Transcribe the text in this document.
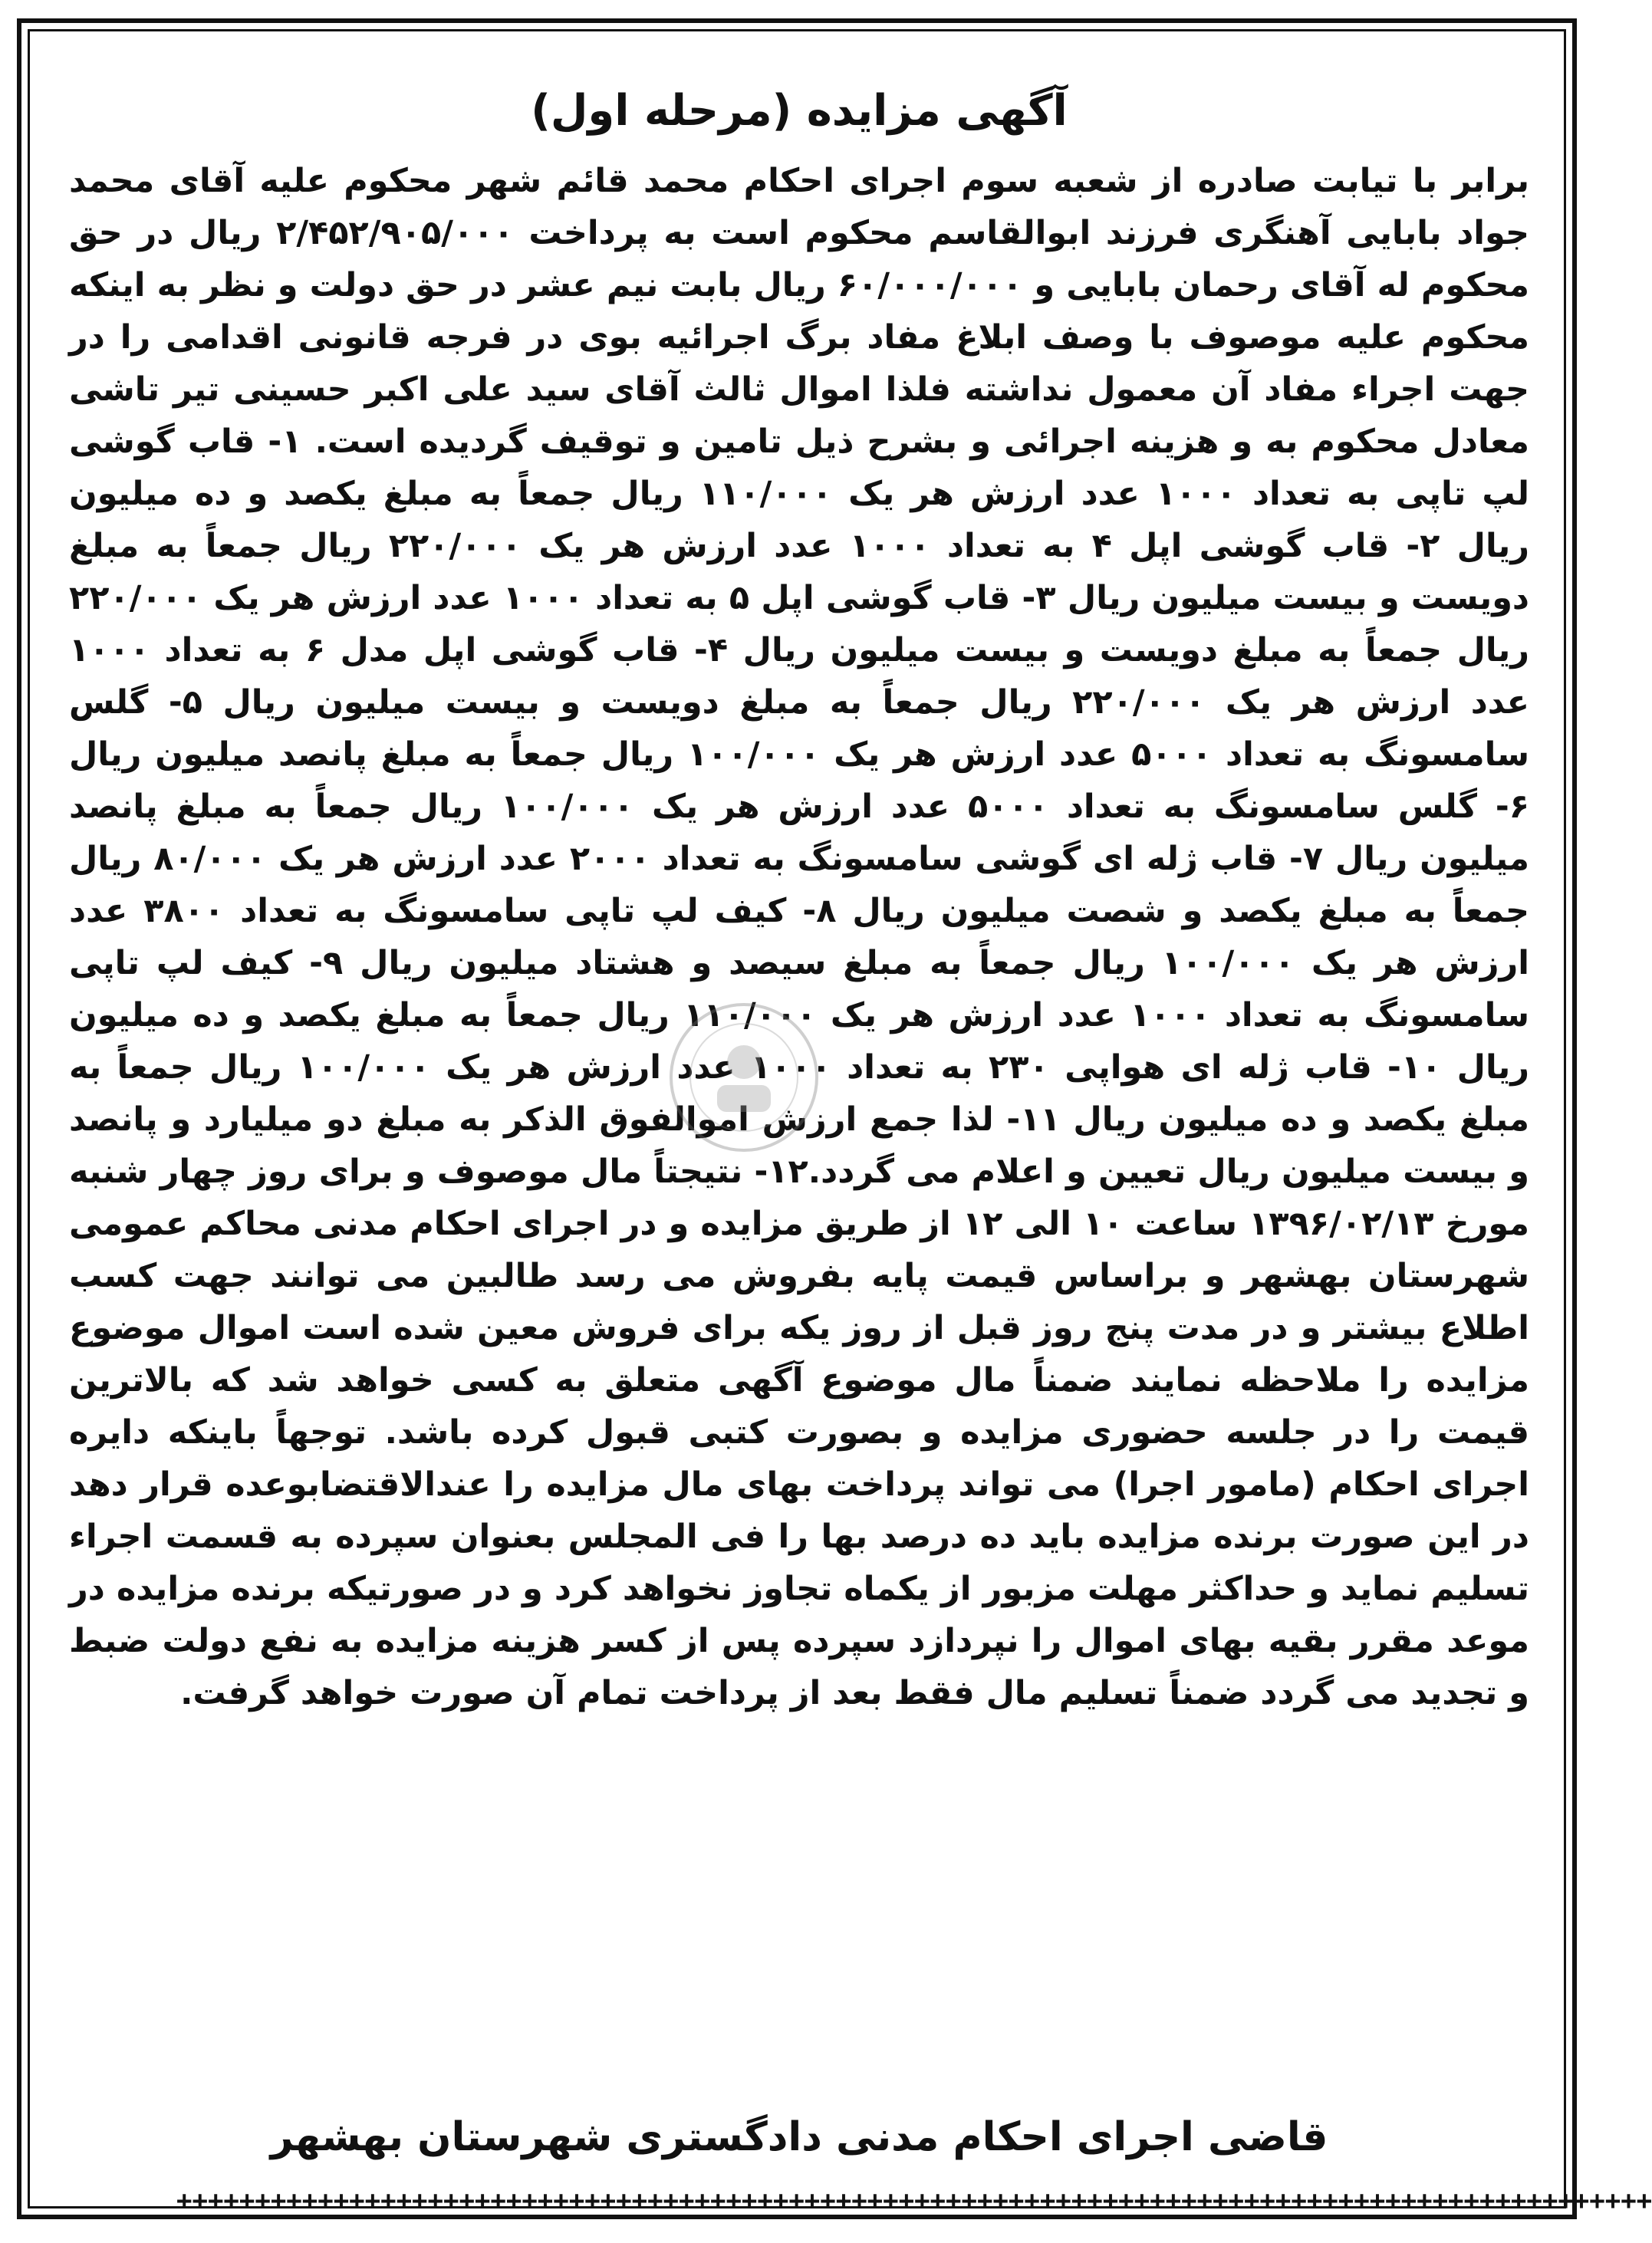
آگهی مزایده (مرحله اول)

برابر با تیابت صادره از شعبه سوم اجرای احکام محمد قائم شهر محکوم علیه آقای محمد جواد بابایی آهنگری فرزند ابوالقاسم محکوم است به پرداخت ۲/۴۵۲/۹۰۵/۰۰۰ ریال در حق محکوم له آقای رحمان بابایی و ۶۰/۰۰۰/۰۰۰ ریال بابت نیم عشر در حق دولت و نظر به اینکه محکوم علیه موصوف با وصف ابلاغ مفاد برگ اجرائیه بوی در فرجه قانونی اقدامی را در جهت اجراء مفاد آن معمول نداشته فلذا اموال ثالث آقای سید علی اکبر حسینی تیر تاشی معادل محکوم به و هزینه اجرائی و بشرح ذیل تامین و توقیف گردیده است. ۱- قاب گوشی لپ تاپی به تعداد ۱۰۰۰ عدد ارزش هر یک ۱۱۰/۰۰۰ ریال جمعاً به مبلغ یکصد و ده میلیون ریال ۲- قاب گوشی اپل ۴ به تعداد ۱۰۰۰ عدد ارزش هر یک ۲۲۰/۰۰۰ ریال جمعاً به مبلغ دویست و بیست میلیون ریال ۳- قاب گوشی اپل ۵ به تعداد ۱۰۰۰ عدد ارزش هر یک ۲۲۰/۰۰۰ ریال جمعاً به مبلغ دویست و بیست میلیون ریال ۴- قاب گوشی اپل مدل ۶ به تعداد ۱۰۰۰ عدد ارزش هر یک ۲۲۰/۰۰۰ ریال جمعاً به مبلغ دویست و بیست میلیون ریال ۵- گلس سامسونگ به تعداد ۵۰۰۰ عدد ارزش هر یک ۱۰۰/۰۰۰ ریال جمعاً به مبلغ پانصد میلیون ریال ۶- گلس سامسونگ به تعداد ۵۰۰۰ عدد ارزش هر یک ۱۰۰/۰۰۰ ریال جمعاً به مبلغ پانصد میلیون ریال ۷- قاب ژله ای گوشی سامسونگ به تعداد ۲۰۰۰ عدد ارزش هر یک ۸۰/۰۰۰ ریال جمعاً به مبلغ یکصد و شصت میلیون ریال ۸- کیف لپ تاپی سامسونگ به تعداد ۳۸۰۰ عدد ارزش هر یک ۱۰۰/۰۰۰ ریال جمعاً به مبلغ سیصد و هشتاد میلیون ریال ۹- کیف لپ تاپی سامسونگ به تعداد ۱۰۰۰ عدد ارزش هر یک ۱۱۰/۰۰۰ ریال جمعاً به مبلغ یکصد و ده میلیون ریال ۱۰- قاب ژله ای هواپی ۲۳۰ به تعداد ۱۰۰۰ عدد ارزش هر یک ۱۰۰/۰۰۰ ریال جمعاً به مبلغ یکصد و ده میلیون ریال ۱۱- لذا جمع ارزش اموالفوق الذکر به مبلغ دو میلیارد و پانصد و بیست میلیون ریال تعیین و اعلام می گردد.۱۲- نتیجتاً مال موصوف و برای روز چهار شنبه مورخ ۱۳۹۶/۰۲/۱۳ ساعت ۱۰ الی ۱۲ از طریق مزایده و در اجرای احکام مدنی محاکم عمومی شهرستان بهشهر و براساس قیمت پایه بفروش می رسد طالبین می توانند جهت کسب اطلاع بیشتر و در مدت پنج روز قبل از روز یکه برای فروش معین شده است اموال موضوع مزایده را ملاحظه نمایند ضمناً مال موضوع آگهی متعلق به کسی خواهد شد که بالاترین قیمت را در جلسه حضوری مزایده و بصورت کتبی قبول کرده باشد. توجهاً باینکه دایره اجرای احکام (مامور اجرا) می تواند پرداخت بهای مال مزایده را عندالاقتضابوعده قرار دهد در این صورت برنده مزایده باید ده درصد بها را فی المجلس بعنوان سپرده به قسمت اجراء تسلیم نماید و حداکثر مهلت مزبور از یکماه تجاوز نخواهد کرد و در صورتیکه برنده مزایده در موعد مقرر بقیه بهای اموال را نپردازد سپرده پس از کسر هزینه مزایده به نفع دولت ضبط و تجدید می گردد ضمناً تسلیم مال فقط بعد از پرداخت تمام آن صورت خواهد گرفت.

قاضی اجرای احکام مدنی دادگستری شهرستان بهشهر
++++++++++++++++++++++++++++++++++++++++++++++++++++++++++++++++++++++++++++++++++++++++++++++
